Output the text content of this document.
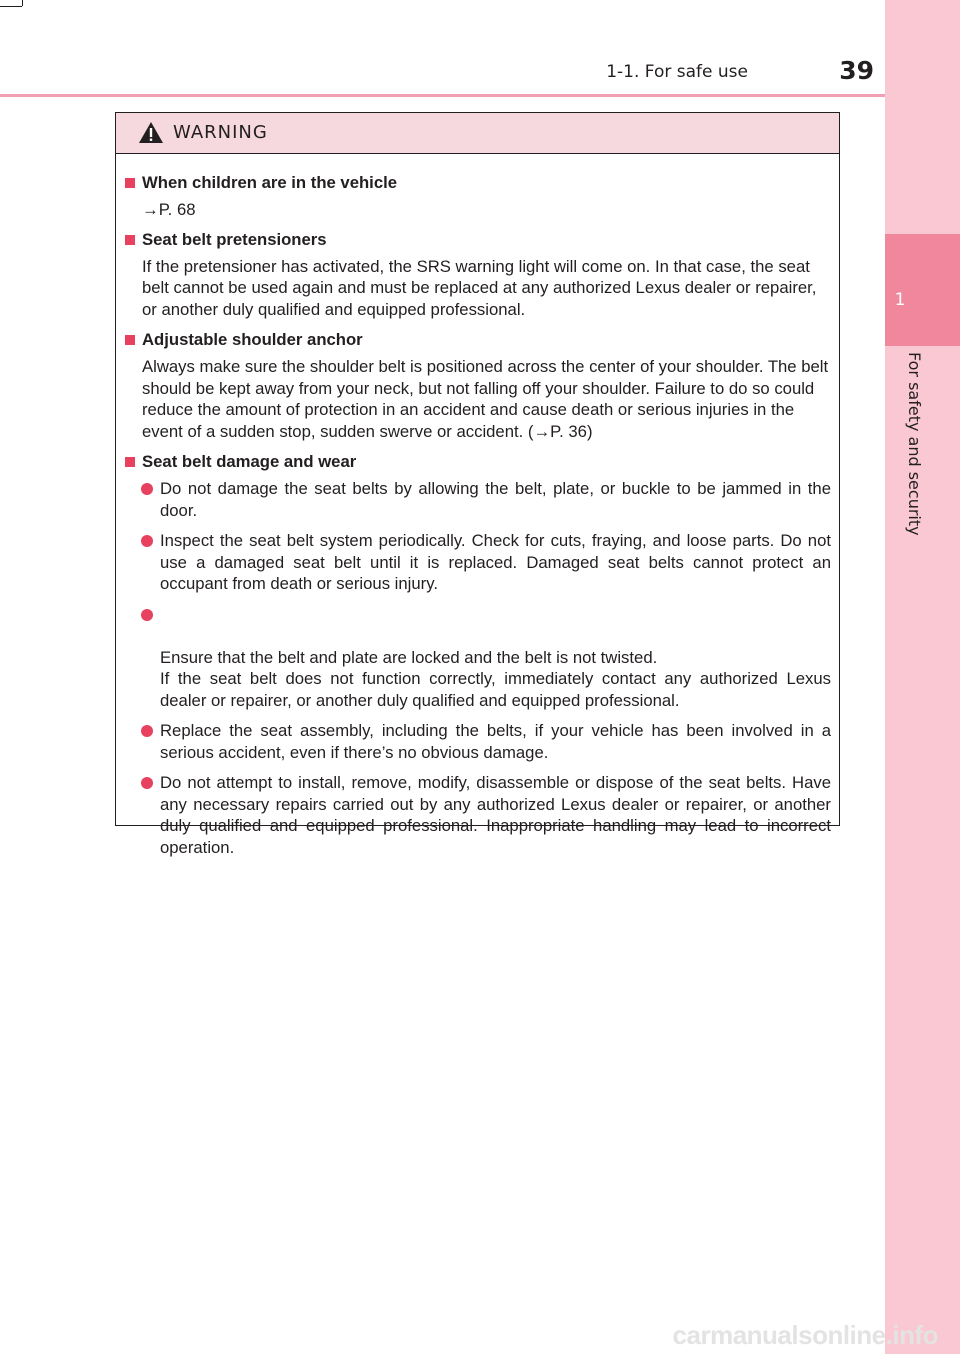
1
For safety and security
1-1. For safe use	39
WARNING
When children are in the vehicle
→P. 68
Seat belt pretensioners
If the pretensioner has activated, the SRS warning light will come on. In that case, the seat belt cannot be used again and must be replaced at any authorized Lexus dealer or repairer, or another duly qualified and equipped professional.
Adjustable shoulder anchor
Always make sure the shoulder belt is positioned across the center of your shoulder. The belt should be kept away from your neck, but not falling off your shoulder. Failure to do so could reduce the amount of protection in an accident and cause death or serious injuries in the event of a sudden stop, sudden swerve or accident. (→P. 36)
Seat belt damage and wear
Do not damage the seat belts by allowing the belt, plate, or buckle to be jammed in the door.
Inspect the seat belt system periodically. Check for cuts, fraying, and loose parts. Do not use a damaged seat belt until it is replaced. Damaged seat belts cannot protect an occupant from death or serious injury.

Ensure that the belt and plate are locked and the belt is not twisted.
If the seat belt does not function correctly, immediately contact any authorized Lexus dealer or repairer, or another duly qualified and equipped professional.

Replace the seat assembly, including the belts, if your vehicle has been involved in a serious accident, even if there’s no obvious damage.
Do not attempt to install, remove, modify, disassemble or dispose of the seat belts. Have any necessary repairs carried out by any authorized Lexus dealer or repairer, or another duly qualified and equipped professional. Inappropriate handling may lead to incorrect operation.
carmanualsonline.info
